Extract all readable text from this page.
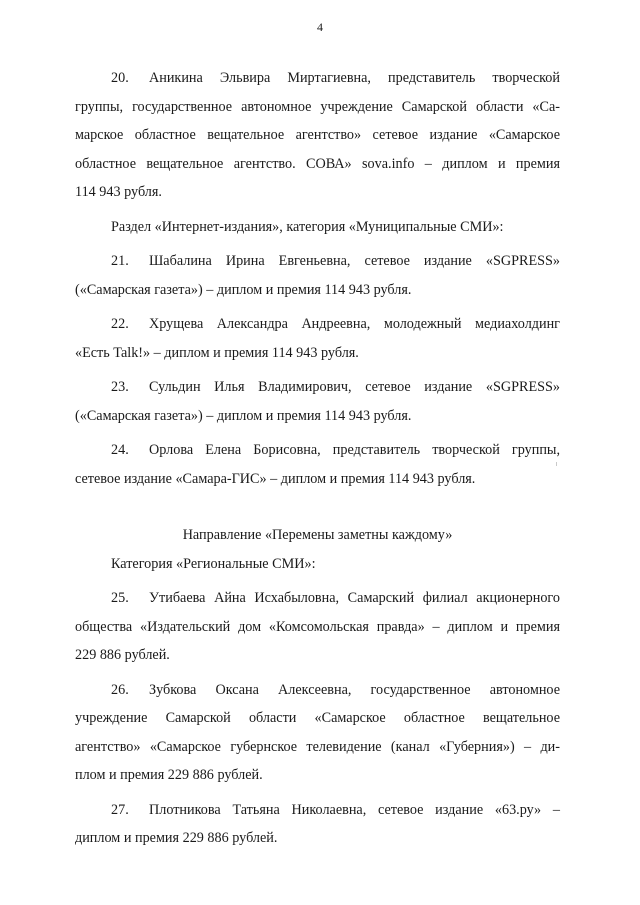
4
20. Аникина Эльвира Миртагиевна, представитель творческой
группы, государственное автономное учреждение Самарской области «Са-
марское областное вещательное агентство» сетевое издание «Самарское
областное вещательное агентство. СОВА» sova.info – диплом и премия
114 943 рубля.
Раздел «Интернет-издания», категория «Муниципальные СМИ»:
21. Шабалина Ирина Евгеньевна, сетевое издание «SGPRESS»
(«Самарская газета») – диплом и премия 114 943 рубля.
22. Хрущева Александра Андреевна, молодежный медиахолдинг
«Есть Talk!» – диплом и премия 114 943 рубля.
23. Сульдин Илья Владимирович, сетевое издание «SGPRESS»
(«Самарская газета») – диплом и премия 114 943 рубля.
24. Орлова Елена Борисовна, представитель творческой группы,
сетевое издание «Самара-ГИС» – диплом и премия 114 943 рубля.
Направление «Перемены заметны каждому»
Категория «Региональные СМИ»:
25. Утибаева Айна Исхабыловна, Самарский филиал акционерного
общества «Издательский дом «Комсомольская правда» – диплом и премия
229 886 рублей.
26. Зубкова Оксана Алексеевна, государственное автономное
учреждение Самарской области «Самарское областное вещательное
агентство» «Самарское губернское телевидение (канал «Губерния») – ди-
плом и премия 229 886 рублей.
27. Плотникова Татьяна Николаевна, сетевое издание «63.ру» –
диплом и премия 229 886 рублей.
